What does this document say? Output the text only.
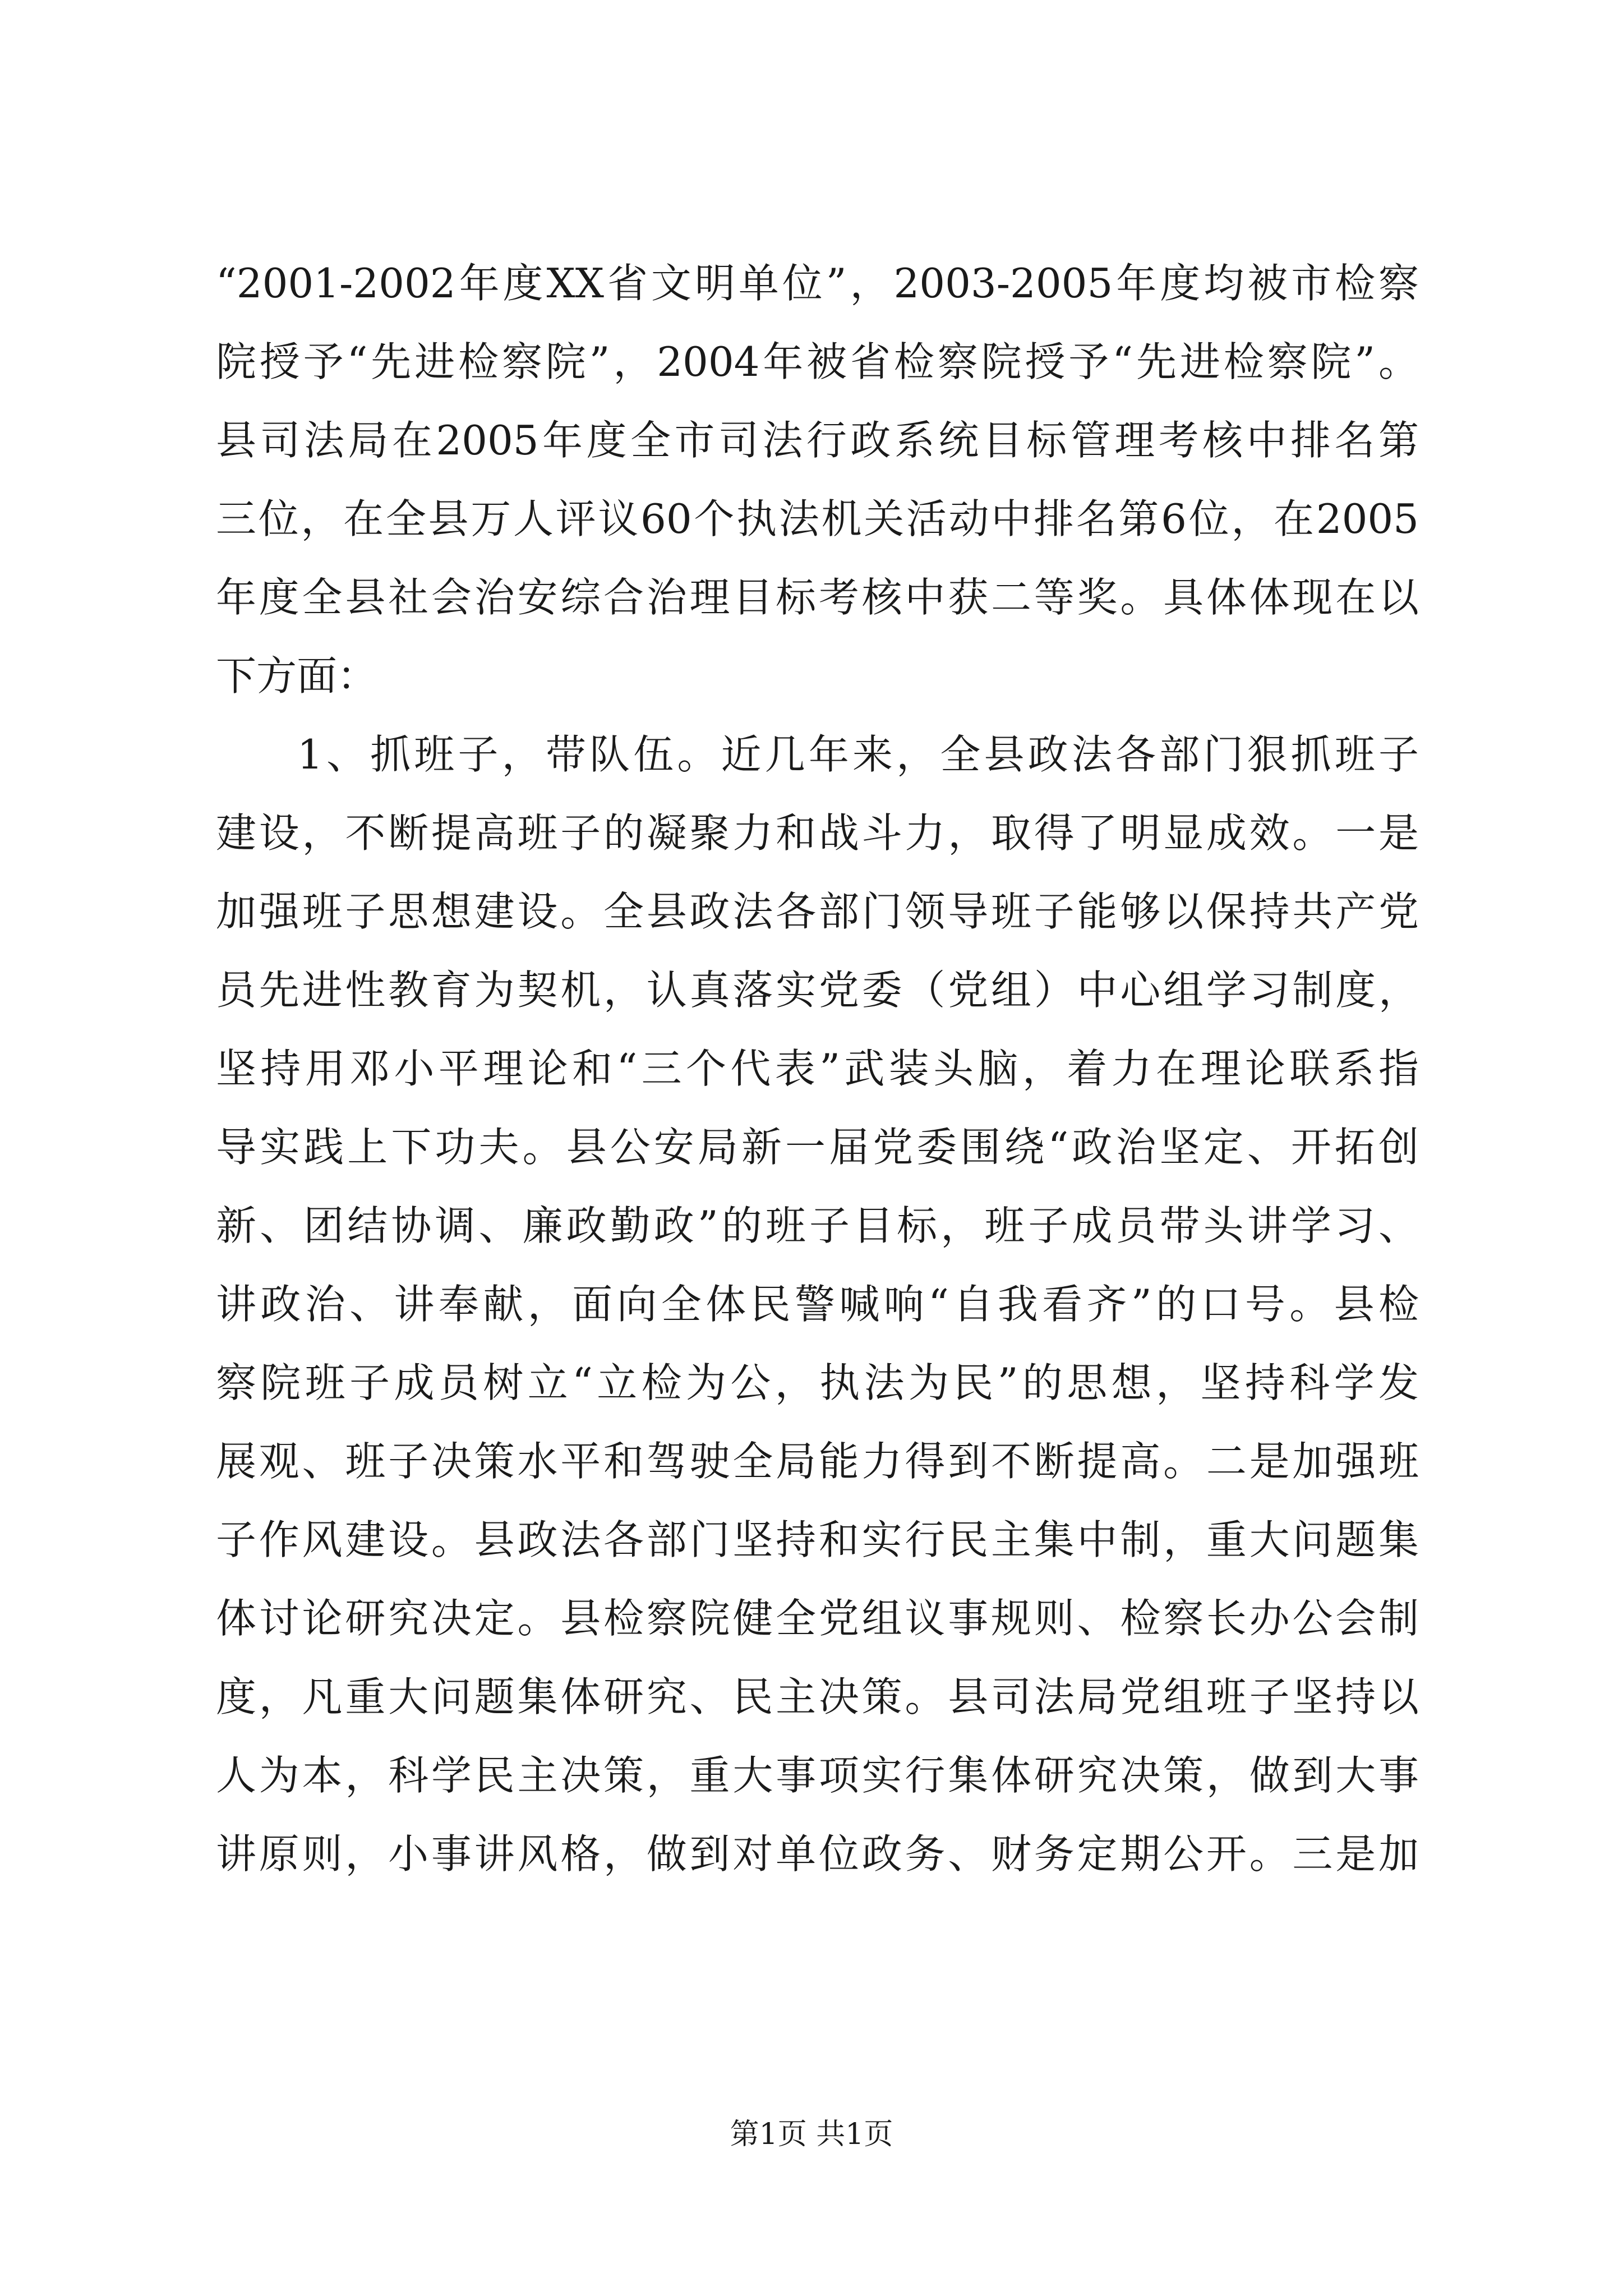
“2001-2002年度XX省文明单位”，2003-2005年度均被市检察
院授予“先进检察院”，2004年被省检察院授予“先进检察院”。
县司法局在2005年度全市司法行政系统目标管理考核中排名第
三位，在全县万人评议60个执法机关活动中排名第6位，在2005
年度全县社会治安综合治理目标考核中获二等奖。具体体现在以
下方面：
1、抓班子，带队伍。近几年来，全县政法各部门狠抓班子
建设，不断提高班子的凝聚力和战斗力，取得了明显成效。一是
加强班子思想建设。全县政法各部门领导班子能够以保持共产党
员先进性教育为契机，认真落实党委（党组）中心组学习制度，
坚持用邓小平理论和“三个代表”武装头脑，着力在理论联系指
导实践上下功夫。县公安局新一届党委围绕“政治坚定、开拓创
新、团结协调、廉政勤政”的班子目标，班子成员带头讲学习、
讲政治、讲奉献，面向全体民警喊响“自我看齐”的口号。县检
察院班子成员树立“立检为公，执法为民”的思想，坚持科学发
展观、班子决策水平和驾驶全局能力得到不断提高。二是加强班
子作风建设。县政法各部门坚持和实行民主集中制，重大问题集
体讨论研究决定。县检察院健全党组议事规则、检察长办公会制
度，凡重大问题集体研究、民主决策。县司法局党组班子坚持以
人为本，科学民主决策，重大事项实行集体研究决策，做到大事
讲原则，小事讲风格，做到对单位政务、财务定期公开。三是加
第1页 共1页
